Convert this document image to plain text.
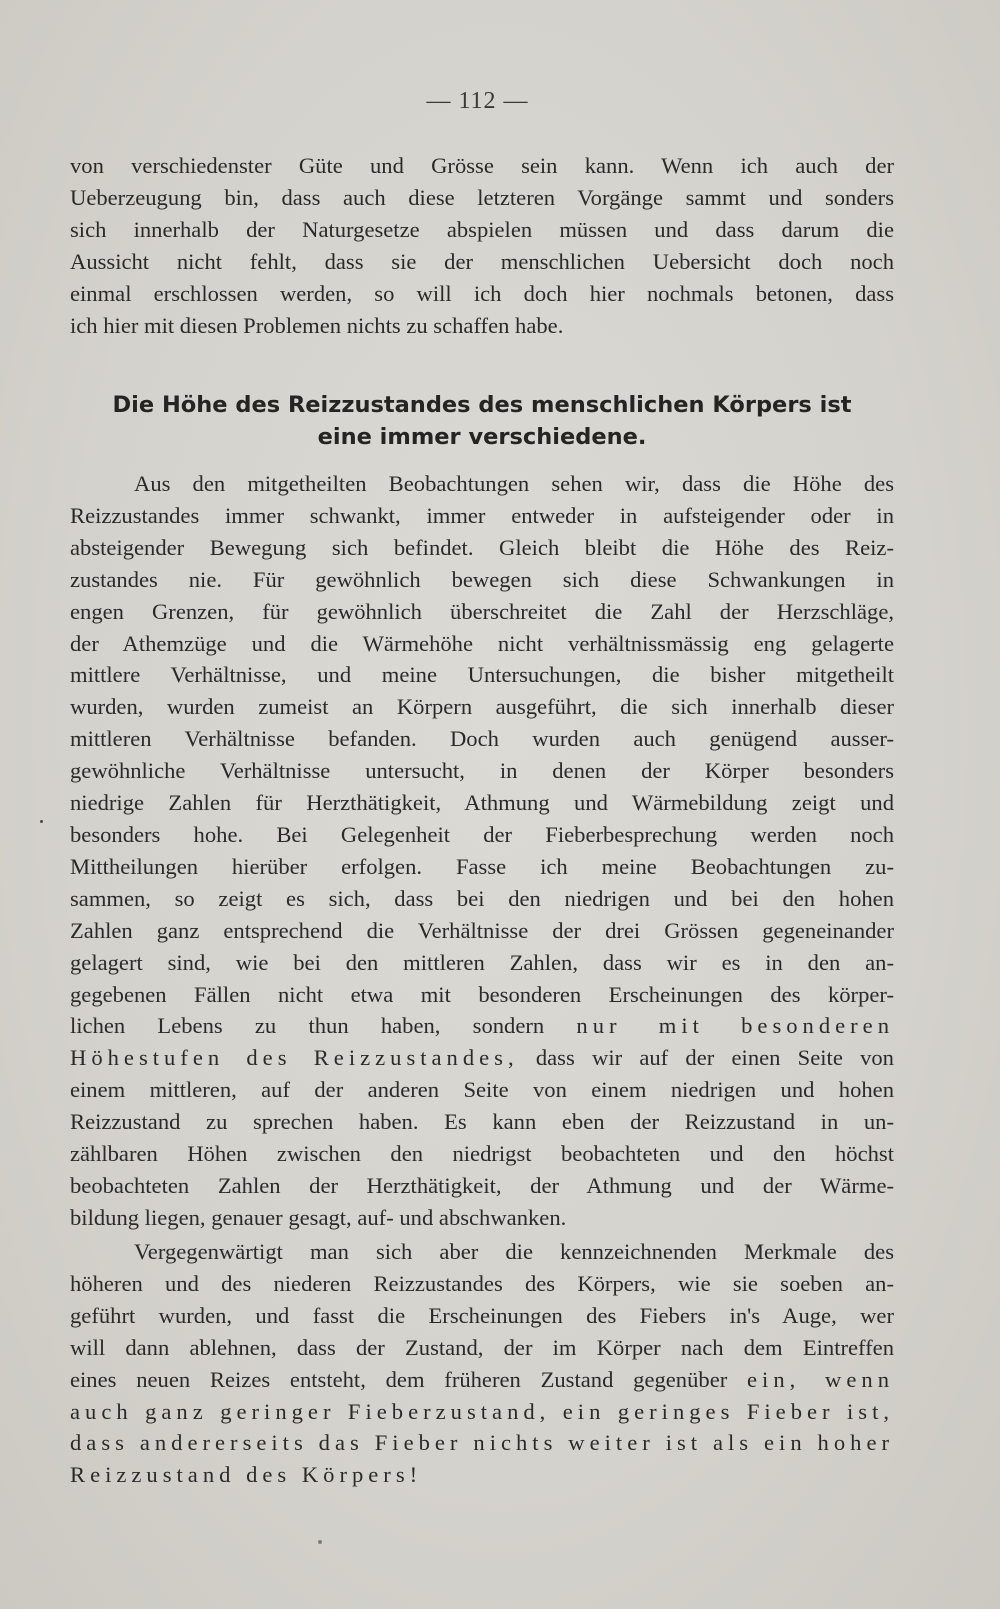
— 112 —
von verschiedenster Güte und Grösse sein kann. Wenn ich auch der
Ueberzeugung bin, dass auch diese letzteren Vorgänge sammt und sonders
sich innerhalb der Naturgesetze abspielen müssen und dass darum die
Aussicht nicht fehlt, dass sie der menschlichen Uebersicht doch noch
einmal erschlossen werden, so will ich doch hier nochmals betonen, dass
ich hier mit diesen Problemen nichts zu schaffen habe.
Die Höhe des Reizzustandes des menschlichen Körpers ist
eine immer verschiedene.
Aus den mitgetheilten Beobachtungen sehen wir, dass die Höhe des
Reizzustandes immer schwankt, immer entweder in aufsteigender oder in
absteigender Bewegung sich befindet. Gleich bleibt die Höhe des Reiz-
zustandes nie. Für gewöhnlich bewegen sich diese Schwankungen in
engen Grenzen, für gewöhnlich überschreitet die Zahl der Herzschläge,
der Athemzüge und die Wärmehöhe nicht verhältnissmässig eng gelagerte
mittlere Verhältnisse, und meine Untersuchungen, die bisher mitgetheilt
wurden, wurden zumeist an Körpern ausgeführt, die sich innerhalb dieser
mittleren Verhältnisse befanden. Doch wurden auch genügend ausser-
gewöhnliche Verhältnisse untersucht, in denen der Körper besonders
niedrige Zahlen für Herzthätigkeit, Athmung und Wärmebildung zeigt und
besonders hohe. Bei Gelegenheit der Fieberbesprechung werden noch
Mittheilungen hierüber erfolgen. Fasse ich meine Beobachtungen zu-
sammen, so zeigt es sich, dass bei den niedrigen und bei den hohen
Zahlen ganz entsprechend die Verhältnisse der drei Grössen gegeneinander
gelagert sind, wie bei den mittleren Zahlen, dass wir es in den an-
gegebenen Fällen nicht etwa mit besonderen Erscheinungen des körper-
lichen Lebens zu thun haben, sondern nur mit besonderen
Höhestufen des Reizzustandes, dass wir auf der einen Seite von
einem mittleren, auf der anderen Seite von einem niedrigen und hohen
Reizzustand zu sprechen haben. Es kann eben der Reizzustand in un-
zählbaren Höhen zwischen den niedrigst beobachteten und den höchst
beobachteten Zahlen der Herzthätigkeit, der Athmung und der Wärme-
bildung liegen, genauer gesagt, auf- und abschwanken.
Vergegenwärtigt man sich aber die kennzeichnenden Merkmale des
höheren und des niederen Reizzustandes des Körpers, wie sie soeben an-
geführt wurden, und fasst die Erscheinungen des Fiebers in's Auge, wer
will dann ablehnen, dass der Zustand, der im Körper nach dem Eintreffen
eines neuen Reizes entsteht, dem früheren Zustand gegenüber ein, wenn
auch ganz geringer Fieberzustand, ein geringes Fieber ist,
dass andererseits das Fieber nichts weiter ist als ein hoher
Reizzustand des Körpers!
